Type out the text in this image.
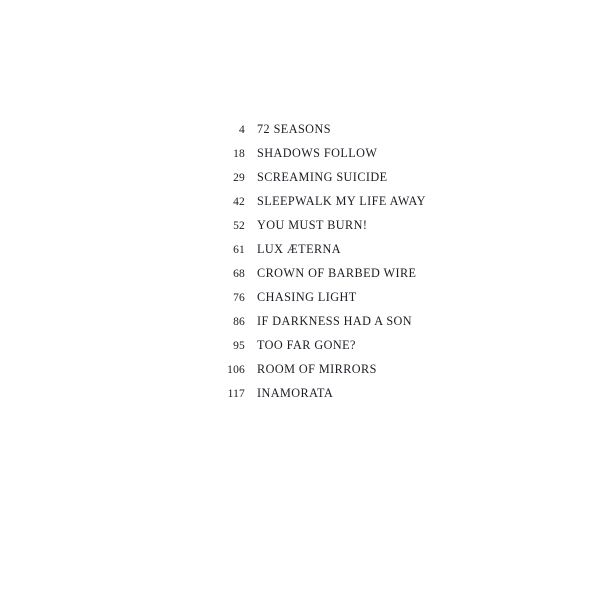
4 72 SEASONS
18 SHADOWS FOLLOW
29 SCREAMING SUICIDE
42 SLEEPWALK MY LIFE AWAY
52 YOU MUST BURN!
61 LUX ÆTERNA
68 CROWN OF BARBED WIRE
76 CHASING LIGHT
86 IF DARKNESS HAD A SON
95 TOO FAR GONE?
106 ROOM OF MIRRORS
117 INAMORATA
